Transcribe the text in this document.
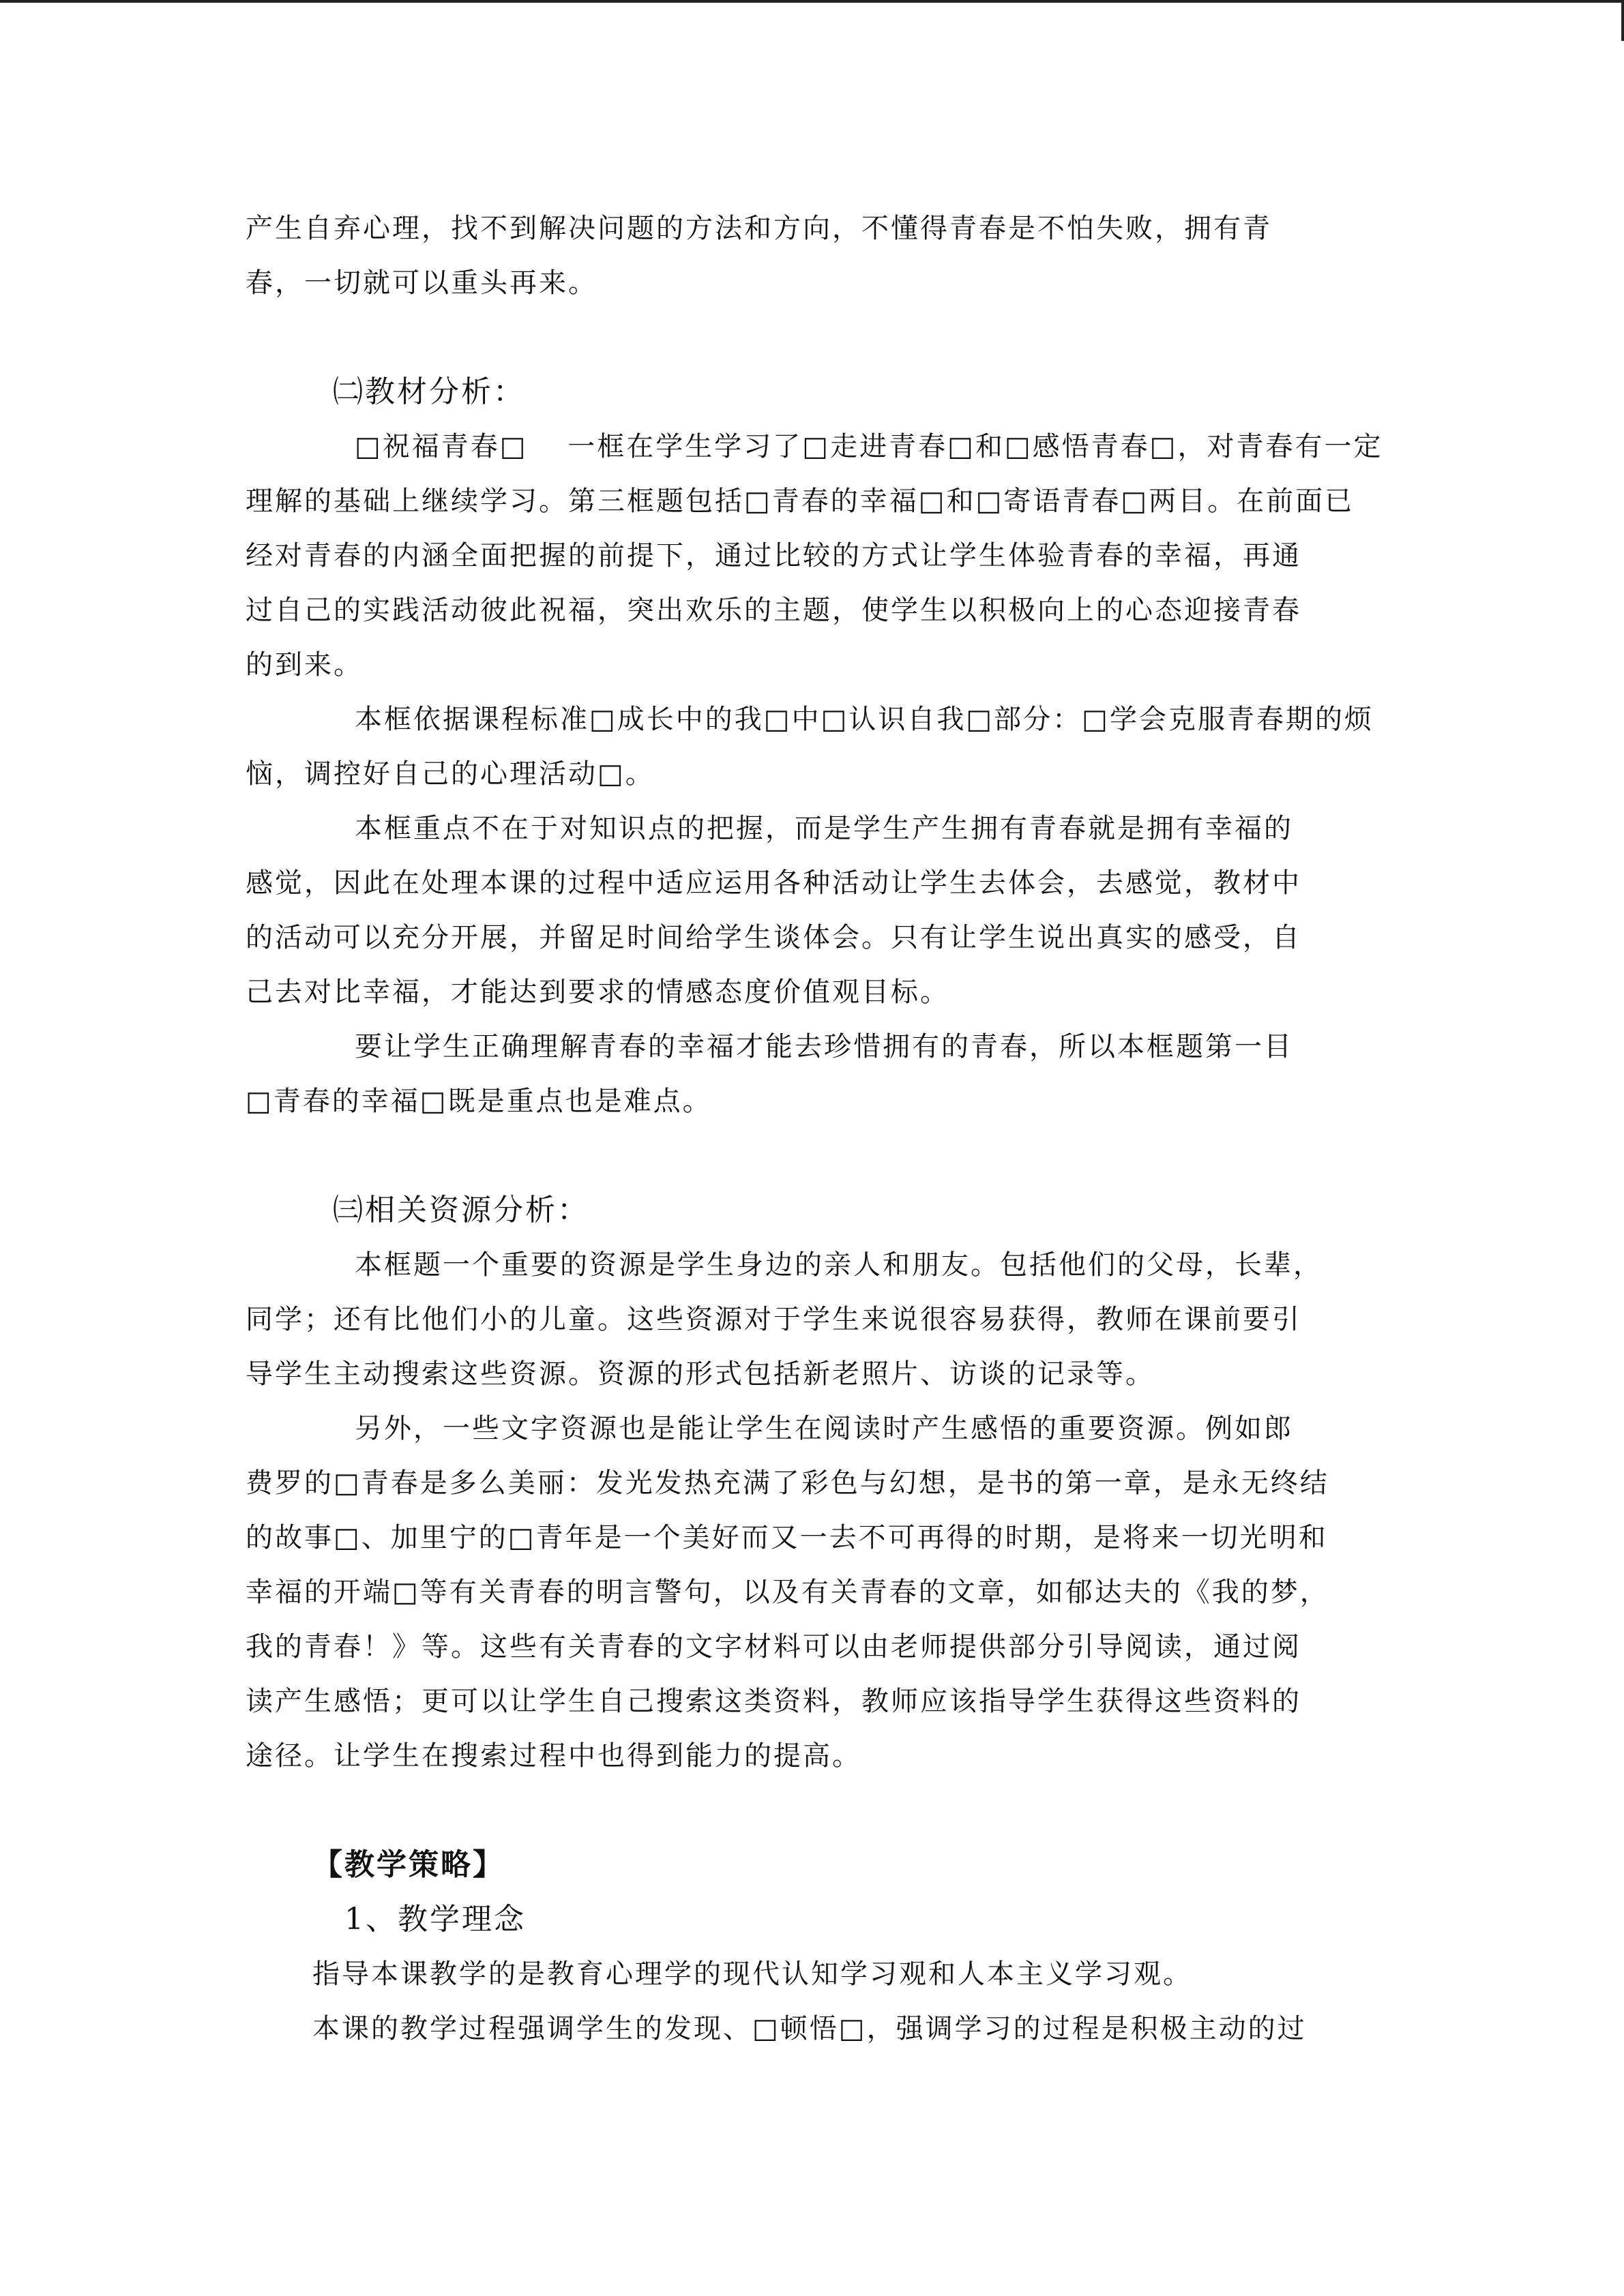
产生自弃心理，找不到解决问题的方法和方向，不懂得青春是不怕失败，拥有青
春，一切就可以重头再来。
㈡教材分析：
□祝福青春□　 一框在学生学习了□走进青春□和□感悟青春□，对青春有一定
理解的基础上继续学习。第三框题包括□青春的幸福□和□寄语青春□两目。在前面已
经对青春的内涵全面把握的前提下，通过比较的方式让学生体验青春的幸福，再通
过自己的实践活动彼此祝福，突出欢乐的主题，使学生以积极向上的心态迎接青春
的到来。
本框依据课程标准□成长中的我□中□认识自我□部分：□学会克服青春期的烦
恼，调控好自己的心理活动□。
本框重点不在于对知识点的把握，而是学生产生拥有青春就是拥有幸福的
感觉，因此在处理本课的过程中适应运用各种活动让学生去体会，去感觉，教材中
的活动可以充分开展，并留足时间给学生谈体会。只有让学生说出真实的感受，自
己去对比幸福，才能达到要求的情感态度价值观目标。
要让学生正确理解青春的幸福才能去珍惜拥有的青春，所以本框题第一目
□青春的幸福□既是重点也是难点。
㈢相关资源分析：
本框题一个重要的资源是学生身边的亲人和朋友。包括他们的父母，长辈，
同学；还有比他们小的儿童。这些资源对于学生来说很容易获得，教师在课前要引
导学生主动搜索这些资源。资源的形式包括新老照片、访谈的记录等。
另外，一些文字资源也是能让学生在阅读时产生感悟的重要资源。例如郎
费罗的□青春是多么美丽：发光发热充满了彩色与幻想，是书的第一章，是永无终结
的故事□、加里宁的□青年是一个美好而又一去不可再得的时期，是将来一切光明和
幸福的开端□等有关青春的明言警句，以及有关青春的文章，如郁达夫的《我的梦，
我的青春！》等。这些有关青春的文字材料可以由老师提供部分引导阅读，通过阅
读产生感悟；更可以让学生自己搜索这类资料，教师应该指导学生获得这些资料的
途径。让学生在搜索过程中也得到能力的提高。
【教学策略】
1、教学理念
指导本课教学的是教育心理学的现代认知学习观和人本主义学习观。
本课的教学过程强调学生的发现、□顿悟□，强调学习的过程是积极主动的过
